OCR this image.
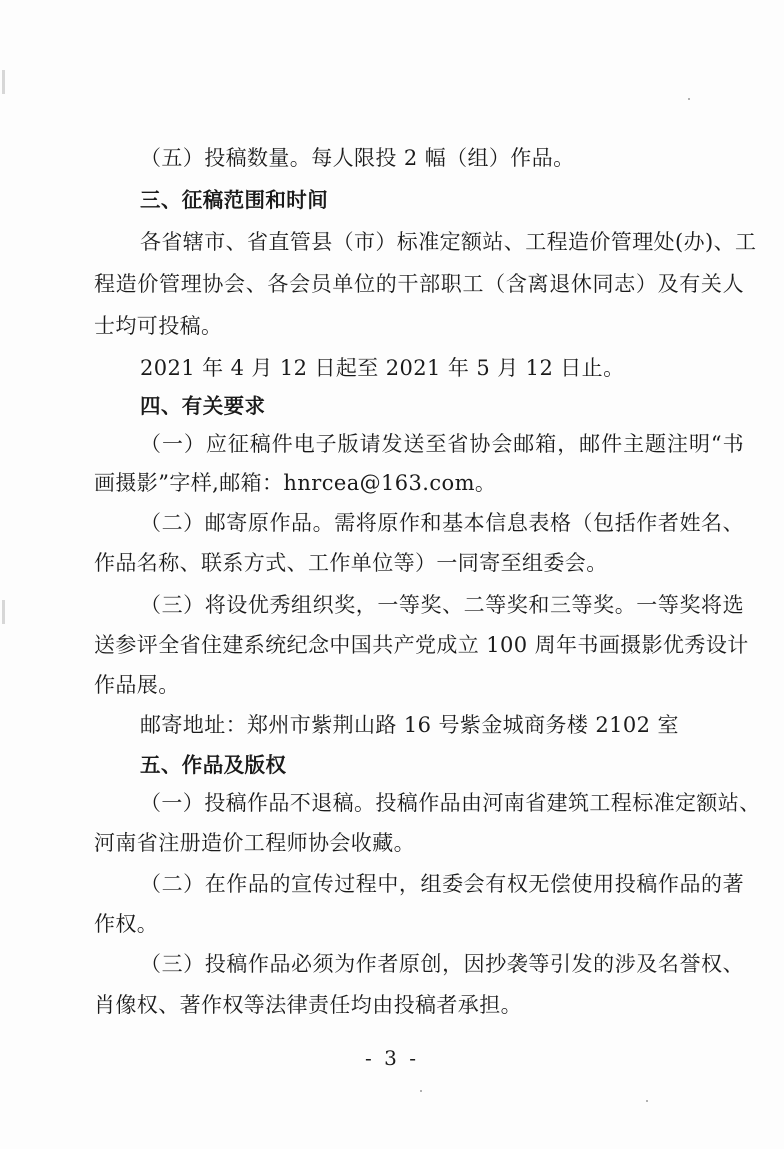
（五）投稿数量。每人限投 2 幅（组）作品。
三、征稿范围和时间
各省辖市、省直管县（市）标准定额站、工程造价管理处(办)、工
程造价管理协会、各会员单位的干部职工（含离退休同志）及有关人
士均可投稿。
2021 年 4 月 12 日起至 2021 年 5 月 12 日止。
四、有关要求
（一）应征稿件电子版请发送至省协会邮箱，邮件主题注明“书
画摄影”字样,邮箱：hnrcea@163.com。
（二）邮寄原作品。需将原作和基本信息表格（包括作者姓名、
作品名称、联系方式、工作单位等）一同寄至组委会。
（三）将设优秀组织奖，一等奖、二等奖和三等奖。一等奖将选
送参评全省住建系统纪念中国共产党成立 100 周年书画摄影优秀设计
作品展。
邮寄地址：郑州市紫荆山路 16 号紫金城商务楼 2102 室
五、作品及版权
（一）投稿作品不退稿。投稿作品由河南省建筑工程标准定额站、
河南省注册造价工程师协会收藏。
（二）在作品的宣传过程中，组委会有权无偿使用投稿作品的著
作权。
（三）投稿作品必须为作者原创，因抄袭等引发的涉及名誉权、
肖像权、著作权等法律责任均由投稿者承担。
- 3 -
